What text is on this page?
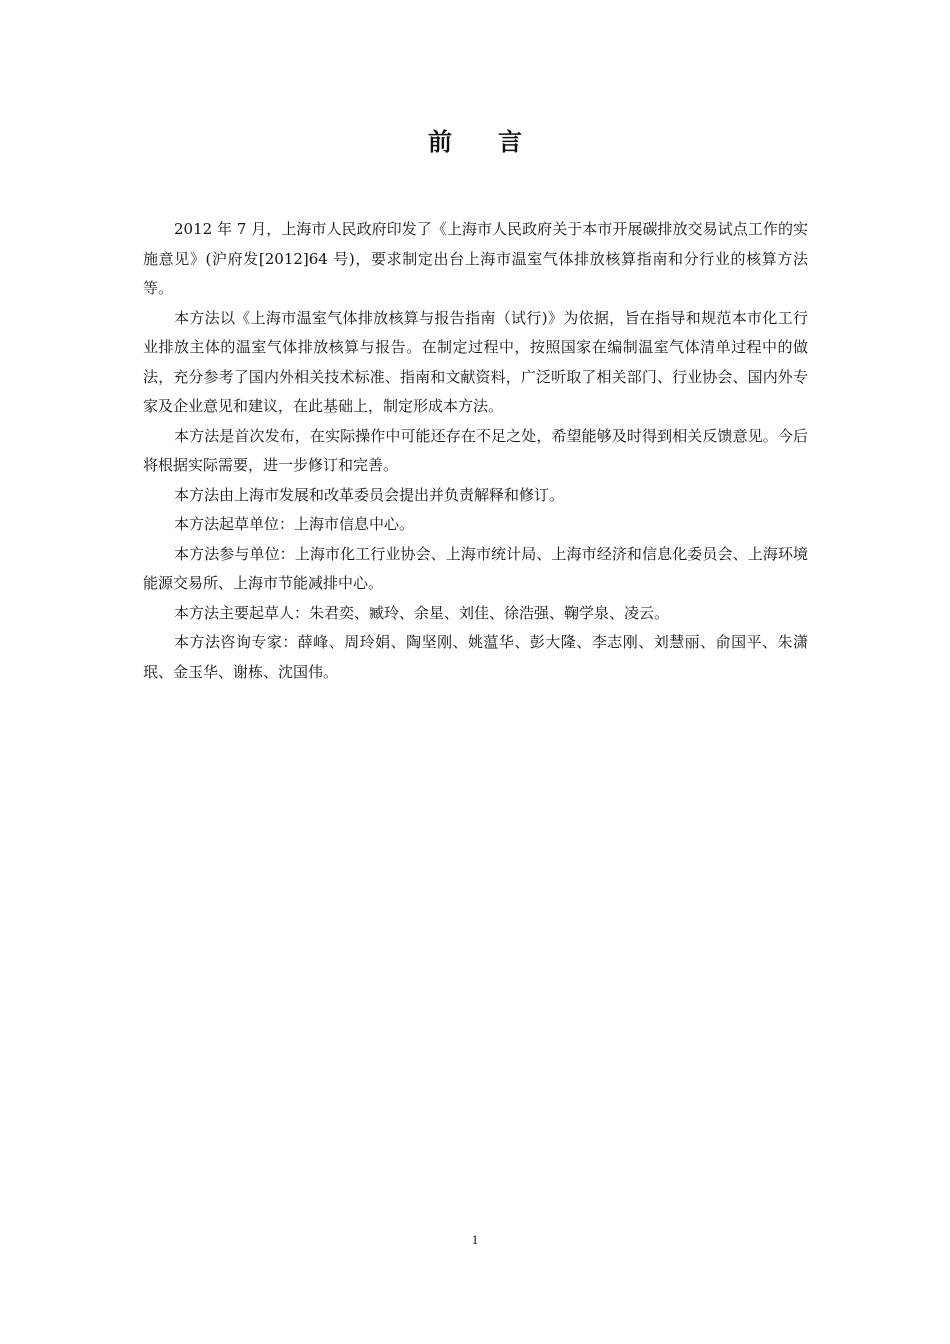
前言

2012 年 7 月，上海市人民政府印发了《上海市人民政府关于本市开展碳排放交易试点工作的实施意见》(沪府发[2012]64 号)，要求制定出台上海市温室气体排放核算指南和分行业的核算方法等。

本方法以《上海市温室气体排放核算与报告指南（试行)》为依据，旨在指导和规范本市化工行业排放主体的温室气体排放核算与报告。在制定过程中，按照国家在编制温室气体清单过程中的做法，充分参考了国内外相关技术标准、指南和文献资料，广泛听取了相关部门、行业协会、国内外专家及企业意见和建议，在此基础上，制定形成本方法。

本方法是首次发布，在实际操作中可能还存在不足之处，希望能够及时得到相关反馈意见。今后将根据实际需要，进一步修订和完善。

本方法由上海市发展和改革委员会提出并负责解释和修订。

本方法起草单位：上海市信息中心。

本方法参与单位：上海市化工行业协会、上海市统计局、上海市经济和信息化委员会、上海环境能源交易所、上海市节能减排中心。

本方法主要起草人：朱君奕、臧玲、余星、刘佳、徐浩强、鞠学泉、凌云。

本方法咨询专家：薛峰、周玲娟、陶坚刚、姚蕰华、彭大隆、李志刚、刘慧丽、俞国平、朱潇珉、金玉华、谢栋、沈国伟。

1
